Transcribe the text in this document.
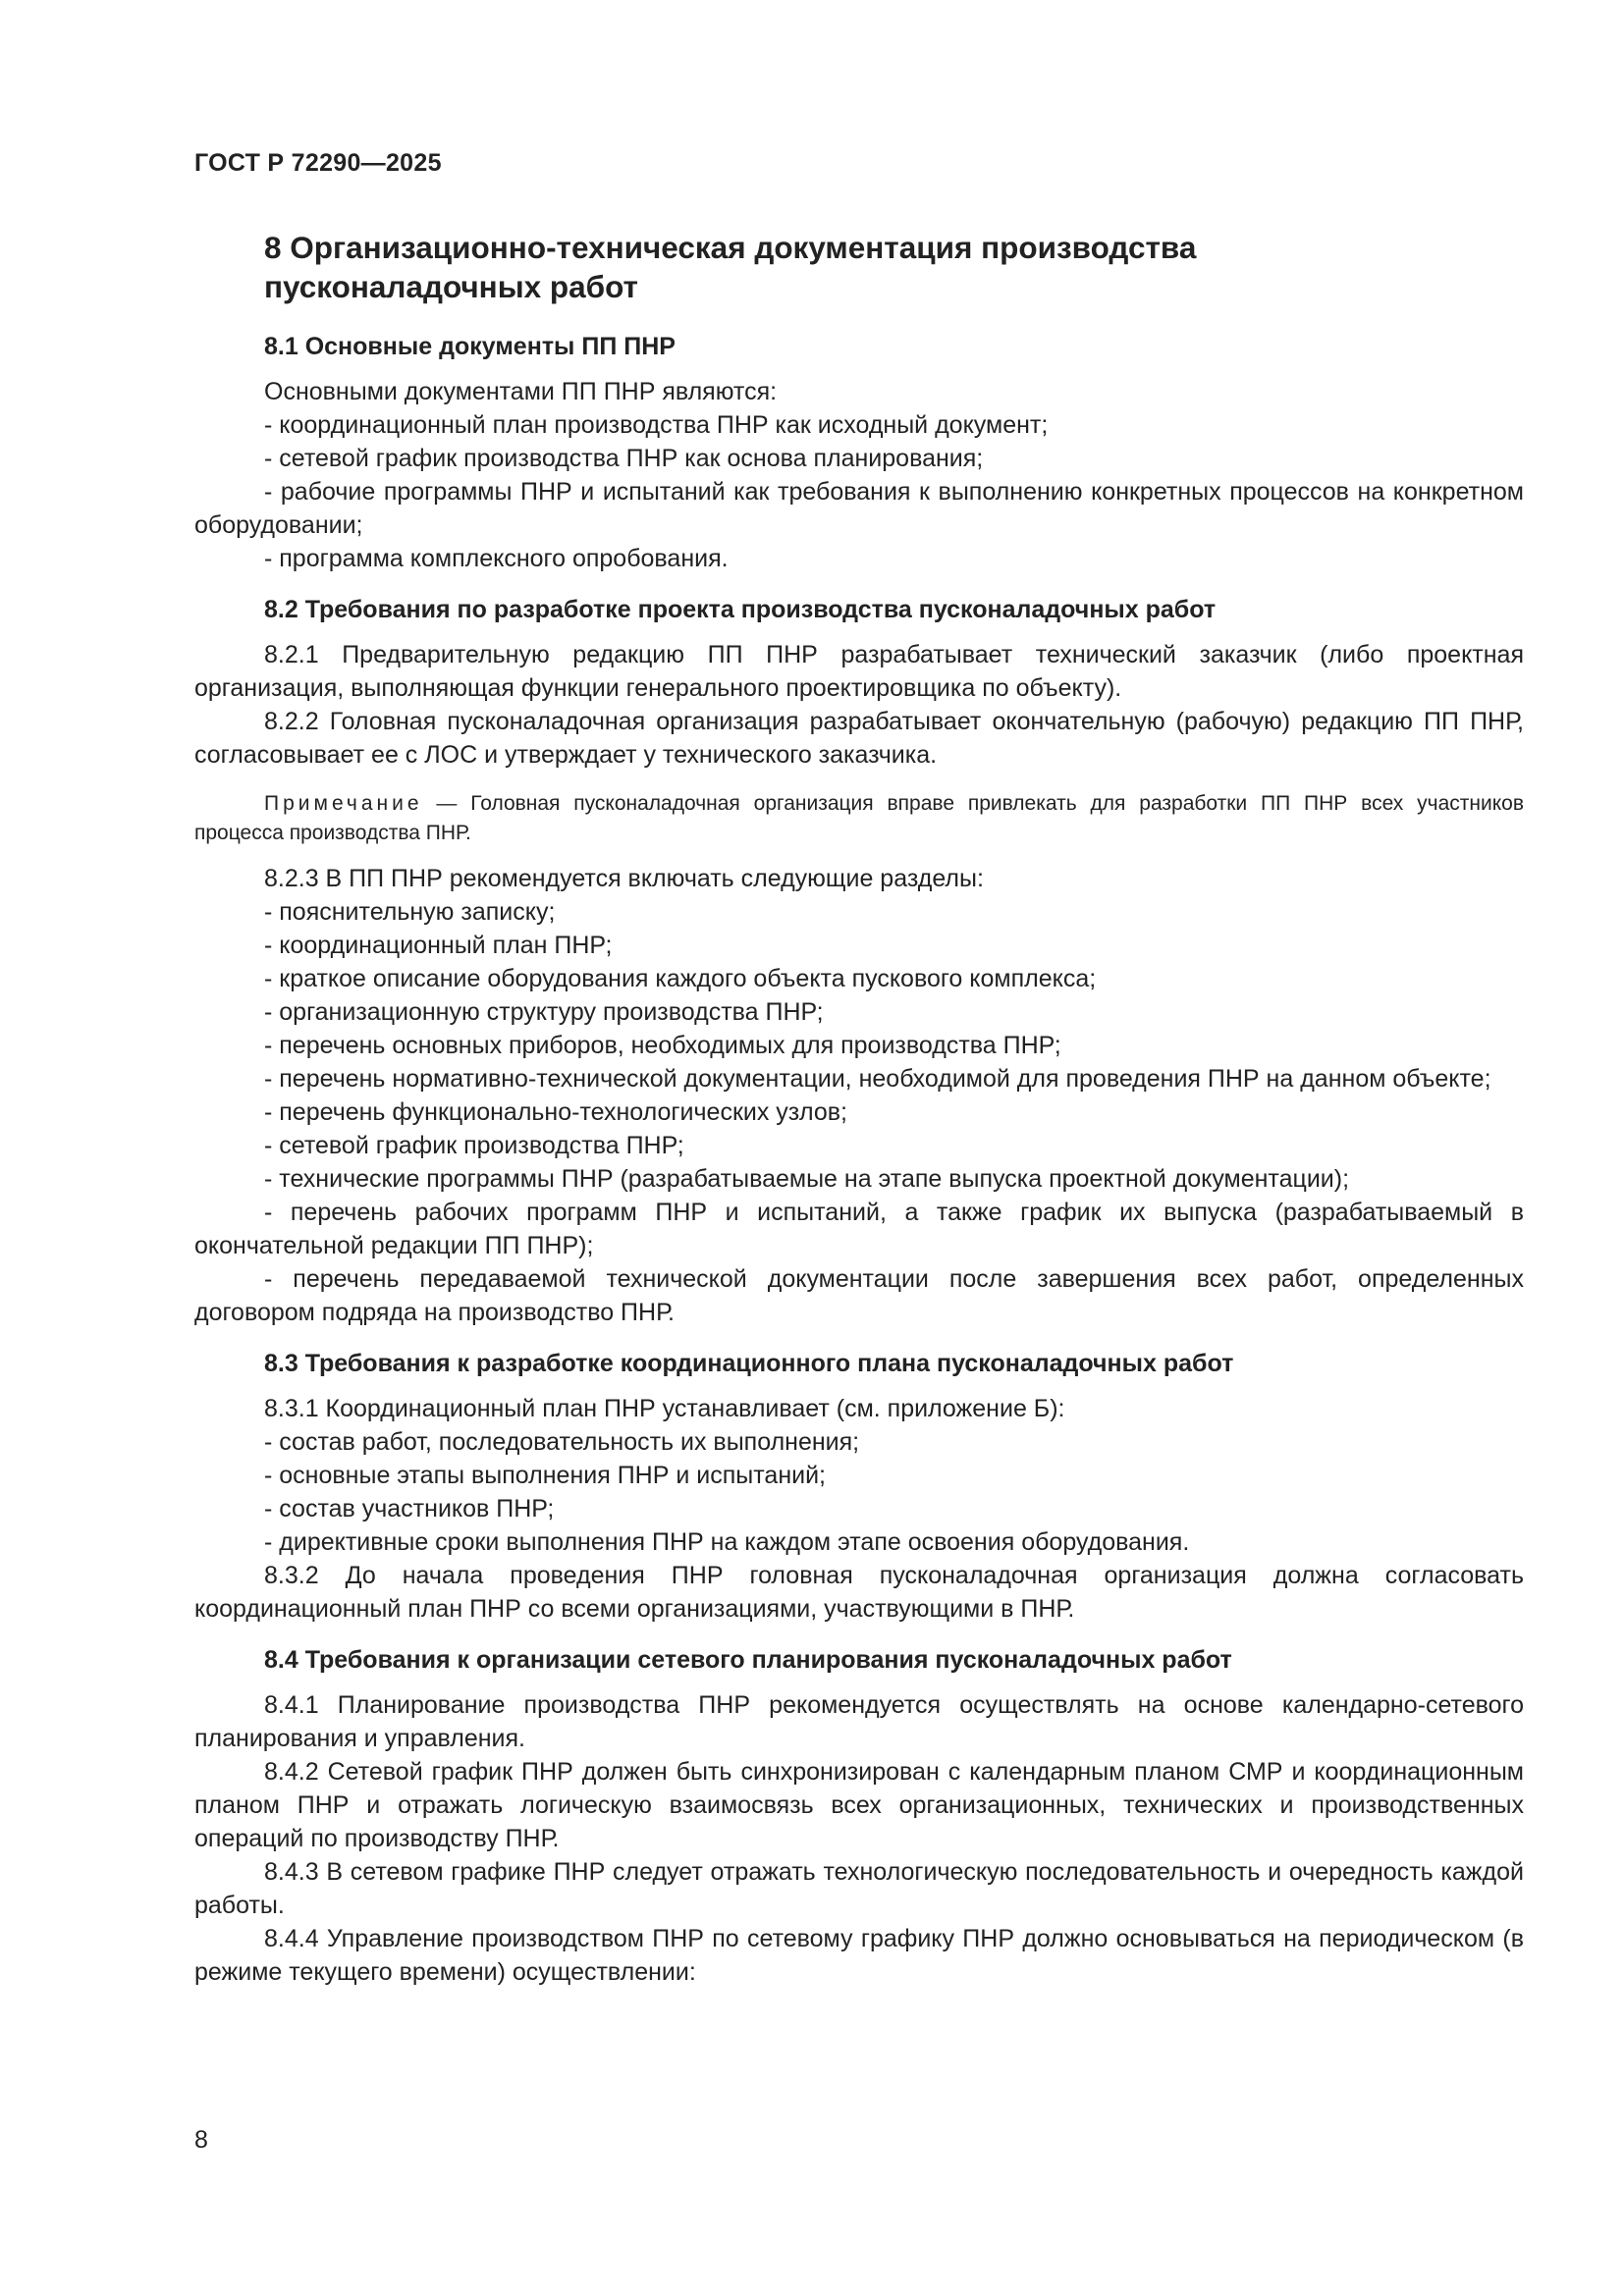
ГОСТ Р 72290—2025
8 Организационно-техническая документация производства
пусконаладочных работ
8.1 Основные документы ПП ПНР

Основными документами ПП ПНР являются:

- координационный план производства ПНР как исходный документ;

- сетевой график производства ПНР как основа планирования;

- рабочие программы ПНР и испытаний как требования к выполнению конкретных процессов на конкретном оборудовании;

- программа комплексного опробования.

8.2 Требования по разработке проекта производства пусконаладочных работ

8.2.1 Предварительную редакцию ПП ПНР разрабатывает технический заказчик (либо проектная организация, выполняющая функции генерального проектировщика по объекту).

8.2.2 Головная пусконаладочная организация разрабатывает окончательную (рабочую) редакцию ПП ПНР, согласовывает ее с ЛОС и утверждает у технического заказчика.

Примечание — Головная пусконаладочная организация вправе привлекать для разработки ПП ПНР всех участников процесса производства ПНР.

8.2.3 В ПП ПНР рекомендуется включать следующие разделы:

- пояснительную записку;

- координационный план ПНР;

- краткое описание оборудования каждого объекта пускового комплекса;

- организационную структуру производства ПНР;

- перечень основных приборов, необходимых для производства ПНР;

- перечень нормативно-технической документации, необходимой для проведения ПНР на данном объекте;

- перечень функционально-технологических узлов;

- сетевой график производства ПНР;

- технические программы ПНР (разрабатываемые на этапе выпуска проектной документации);

- перечень рабочих программ ПНР и испытаний, а также график их выпуска (разрабатываемый в окончательной редакции ПП ПНР);

- перечень передаваемой технической документации после завершения всех работ, определенных договором подряда на производство ПНР.

8.3 Требования к разработке координационного плана пусконаладочных работ

8.3.1 Координационный план ПНР устанавливает (см. приложение Б):

- состав работ, последовательность их выполнения;

- основные этапы выполнения ПНР и испытаний;

- состав участников ПНР;

- директивные сроки выполнения ПНР на каждом этапе освоения оборудования.

8.3.2 До начала проведения ПНР головная пусконаладочная организация должна согласовать координационный план ПНР со всеми организациями, участвующими в ПНР.

8.4 Требования к организации сетевого планирования пусконаладочных работ

8.4.1 Планирование производства ПНР рекомендуется осуществлять на основе календарно-сетевого планирования и управления.

8.4.2 Сетевой график ПНР должен быть синхронизирован с календарным планом СМР и координационным планом ПНР и отражать логическую взаимосвязь всех организационных, технических и производственных операций по производству ПНР.

8.4.3 В сетевом графике ПНР следует отражать технологическую последовательность и очередность каждой работы.

8.4.4 Управление производством ПНР по сетевому графику ПНР должно основываться на периодическом (в режиме текущего времени) осуществлении:

8
